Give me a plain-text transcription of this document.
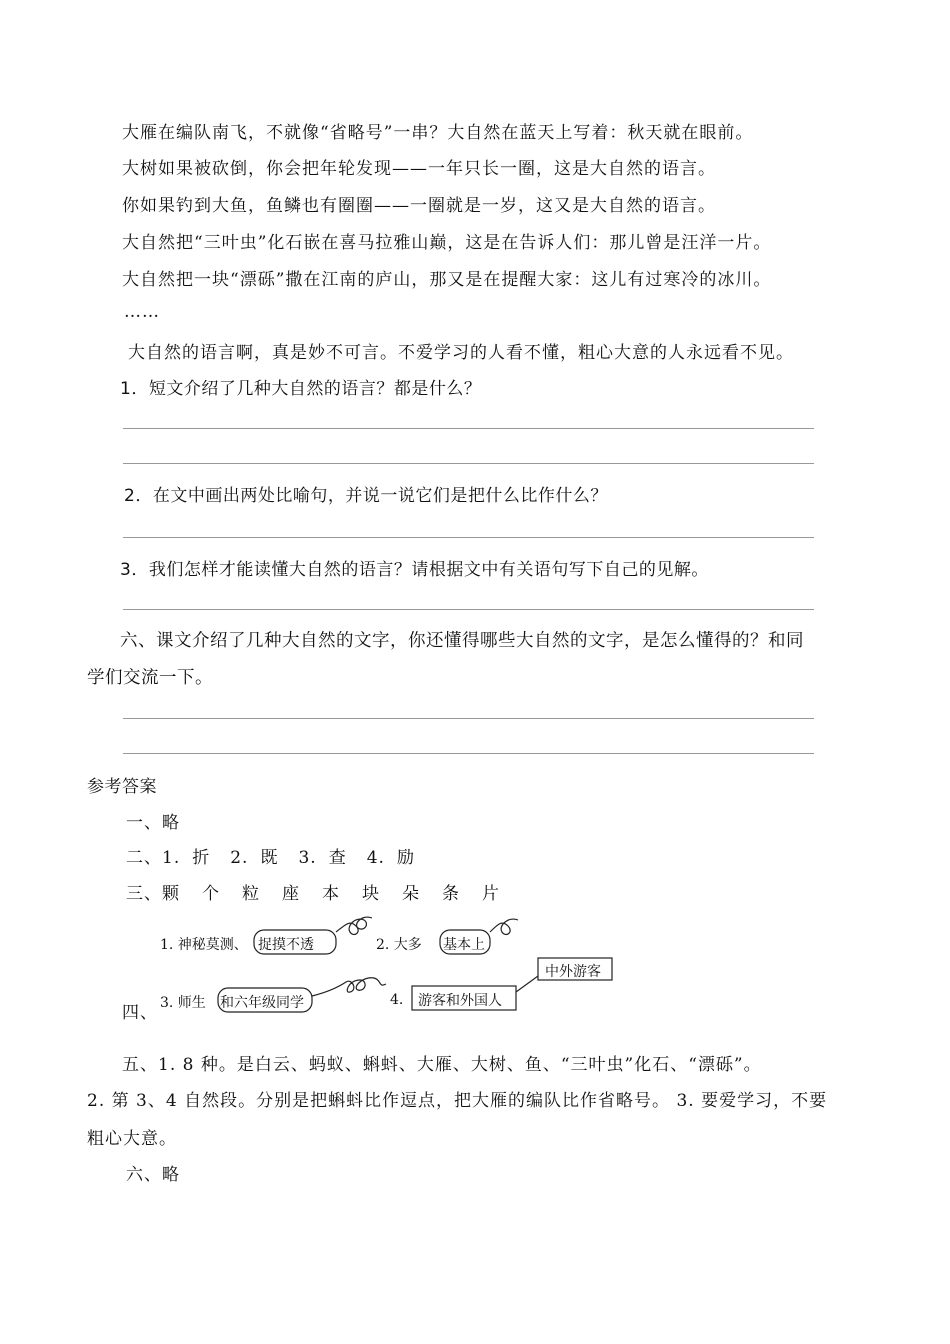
大雁在编队南飞，不就像“省略号”一串？大自然在蓝天上写着：秋天就在眼前。
大树如果被砍倒，你会把年轮发现——一年只长一圈，这是大自然的语言。
你如果钓到大鱼，鱼鳞也有圈圈——一圈就是一岁，这又是大自然的语言。
大自然把“三叶虫”化石嵌在喜马拉雅山巅，这是在告诉人们：那儿曾是汪洋一片。
大自然把一块“漂砾”撒在江南的庐山，那又是在提醒大家：这儿有过寒冷的冰川。
……
大自然的语言啊，真是妙不可言。不爱学习的人看不懂，粗心大意的人永远看不见。
1．短文介绍了几种大自然的语言？都是什么？
2．在文中画出两处比喻句，并说一说它们是把什么比作什么？
3．我们怎样才能读懂大自然的语言？请根据文中有关语句写下自己的见解。
六、课文介绍了几种大自然的文字，你还懂得哪些大自然的文字，是怎么懂得的？和同
学们交流一下。
参考答案
一、略
二、1. 折 2. 既 3. 查 4. 励
三、颗 个 粒 座 本 块 朵 条 片
四、
1. 神秘莫测、 捉摸不透	2. 大多 基本上
3. 师生 和六年级同学	4. 游客和外国人
中外游客
五、1. 8 种。是白云、蚂蚁、蝌蚪、大雁、大树、鱼、“三叶虫”化石、“漂砾”。
2. 第 3、4 自然段。分别是把蝌蚪比作逗点，把大雁的编队比作省略号。 3. 要爱学习，不要
粗心大意。
六、略
